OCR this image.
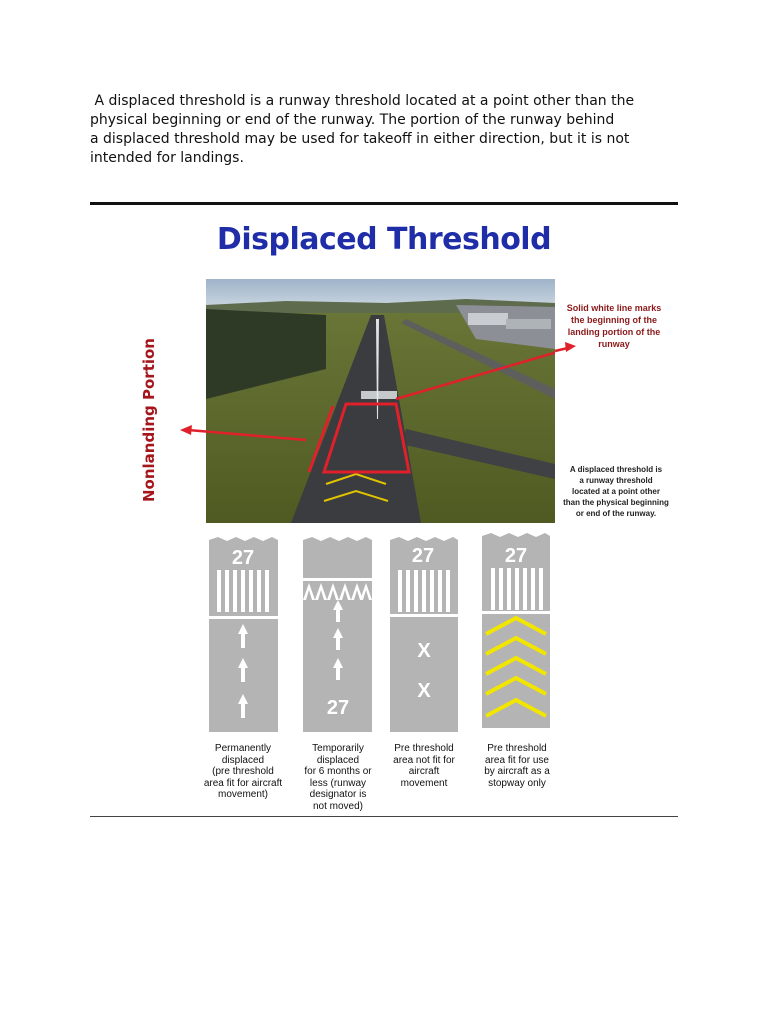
A displaced threshold is a runway threshold located at a point other than the
physical beginning or end of the runway. The portion of the runway behind
a displaced threshold may be used for takeoff in either direction, but it is not
intended for landings.
Displaced Threshold
Nonlanding Portion
Solid white line marks
the beginning of the
landing portion of the
runway
A displaced threshold is
a runway threshold
located at a point other
than the physical beginning
or end of the runway.
27
27
27
X
X
27
Permanently
displaced
(pre threshold
area fit for aircraft
movement)
Temporarily
displaced
for 6 months or
less (runway
designator is
not moved)
Pre threshold
area not fit for
aircraft
movement
Pre threshold
area fit for use
by aircraft as a
stopway only
